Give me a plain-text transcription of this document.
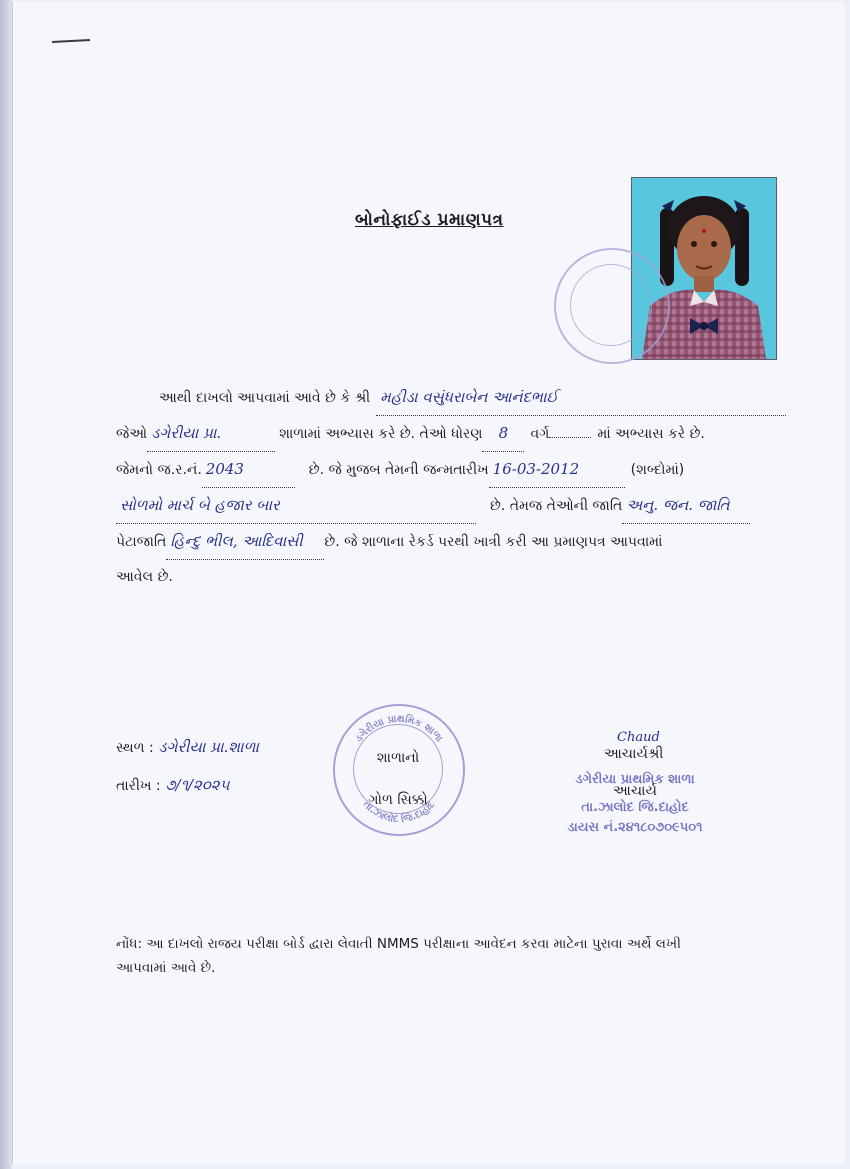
બોનોફાઈડ પ્રમાણપત્ર
આથી દાખલો આપવામાં આવે છે કે શ્રી મહીડા વસુંધરાબેન આનંદભાઈ
જેઓ ડગેરીયા પ્રા.	શાળામાં અભ્યાસ કરે છે. તેઓ ધોરણ	8	વર્ગ	માં અભ્યાસ કરે છે.
જેમનો જ.ર.નં. 2043	છે. જે મુજબ તેમની જન્મતારીખ 16-03-2012	(શબ્દોમાં)
સોળમો માર્ચ બે હજાર બાર	છે. તેમજ તેઓની જાતિ અનુ. જન. જાતિ
પેટાજાતિ હિન્દુ ભીલ, આદિવાસી	છે. જે શાળાના રેકર્ડ પરથી ખાત્રી કરી આ પ્રમાણપત્ર આપવામાં
આવેલ છે.
સ્થળ : ડગેરીયા પ્રા.શાળા
તારીખ : ૭/૧/૨૦૨૫
ડગેરીયા પ્રાથમિક શાળા
તા.ઝાલોદ જિ.દાહોદ
શાળાનો
ગોળ સિક્કો
Chaud
આચાર્યશ્રી
ડગેરીયા પ્રાથમિક શાળા
આચાર્ય
તા.ઝાલોદ જિ.દાહોદ
ડાયસ નં.૨૪૧૮૦૭૦૯૫૦૧
નોંધ: આ દાખલો રાજય પરીક્ષા બોર્ડ દ્વારા લેવાતી NMMS પરીક્ષાના આવેદન કરવા માટેના પુરાવા અર્થે લખી
આપવામાં આવે છે.
